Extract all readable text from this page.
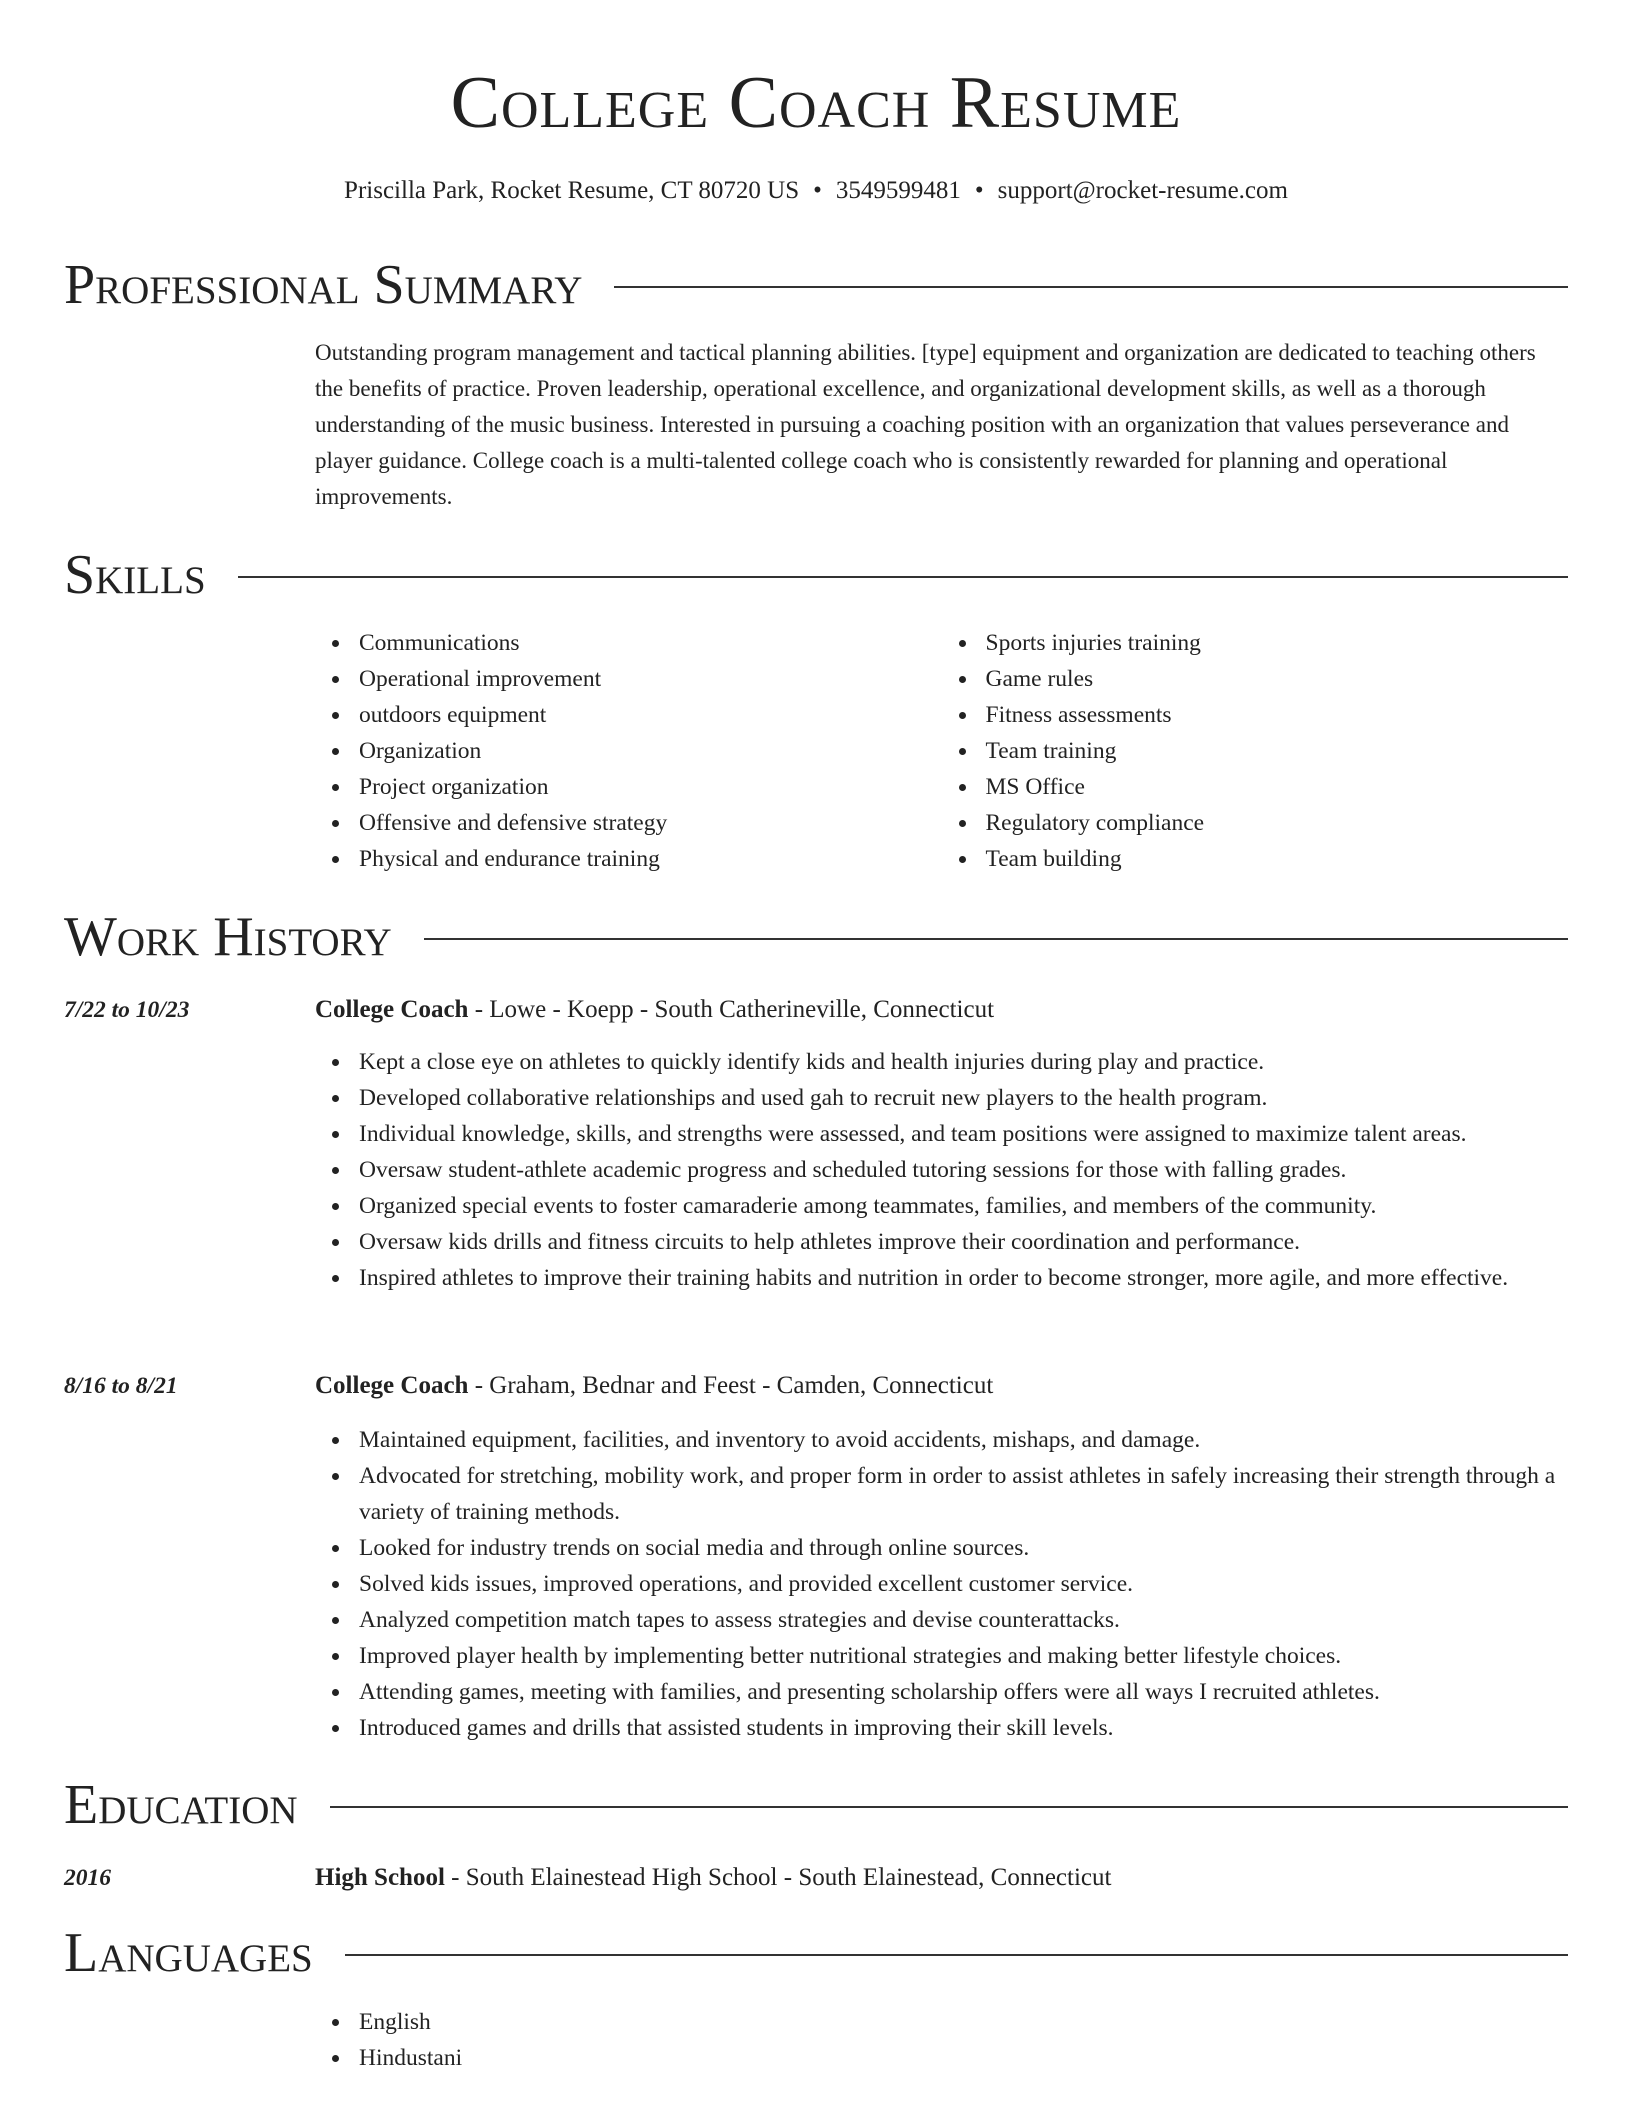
College Coach Resume
Priscilla Park, Rocket Resume, CT 80720 US • 3549599481 • support@rocket-resume.com
Professional Summary

Outstanding program management and tactical planning abilities. [type] equipment and organization are dedicated to teaching others the benefits of practice. Proven leadership, operational excellence, and organizational development skills, as well as a thorough understanding of the music business. Interested in pursuing a coaching position with an organization that values perseverance and player guidance. College coach is a multi-talented college coach who is consistently rewarded for planning and operational improvements.

Skills
Communications
Operational improvement
outdoors equipment
Organization
Project organization
Offensive and defensive strategy
Physical and endurance training
Sports injuries training
Game rules
Fitness assessments
Team training
MS Office
Regulatory compliance
Team building
Work History
7/22 to 10/23	College Coach - Lowe - Koepp - South Catherineville, Connecticut

Kept a close eye on athletes to quickly identify kids and health injuries during play and practice.
Developed collaborative relationships and used gah to recruit new players to the health program.
Individual knowledge, skills, and strengths were assessed, and team positions were assigned to maximize talent areas.
Oversaw student-athlete academic progress and scheduled tutoring sessions for those with falling grades.
Organized special events to foster camaraderie among teammates, families, and members of the community.
Oversaw kids drills and fitness circuits to help athletes improve their coordination and performance.
Inspired athletes to improve their training habits and nutrition in order to become stronger, more agile, and more effective.
8/16 to 8/21	College Coach - Graham, Bednar and Feest - Camden, Connecticut

Maintained equipment, facilities, and inventory to avoid accidents, mishaps, and damage.
Advocated for stretching, mobility work, and proper form in order to assist athletes in safely increasing their strength through a variety of training methods.
Looked for industry trends on social media and through online sources.
Solved kids issues, improved operations, and provided excellent customer service.
Analyzed competition match tapes to assess strategies and devise counterattacks.
Improved player health by implementing better nutritional strategies and making better lifestyle choices.
Attending games, meeting with families, and presenting scholarship offers were all ways I recruited athletes.
Introduced games and drills that assisted students in improving their skill levels.
Education
2016	High School - South Elainestead High School - South Elainestead, Connecticut

Languages
English
Hindustani
